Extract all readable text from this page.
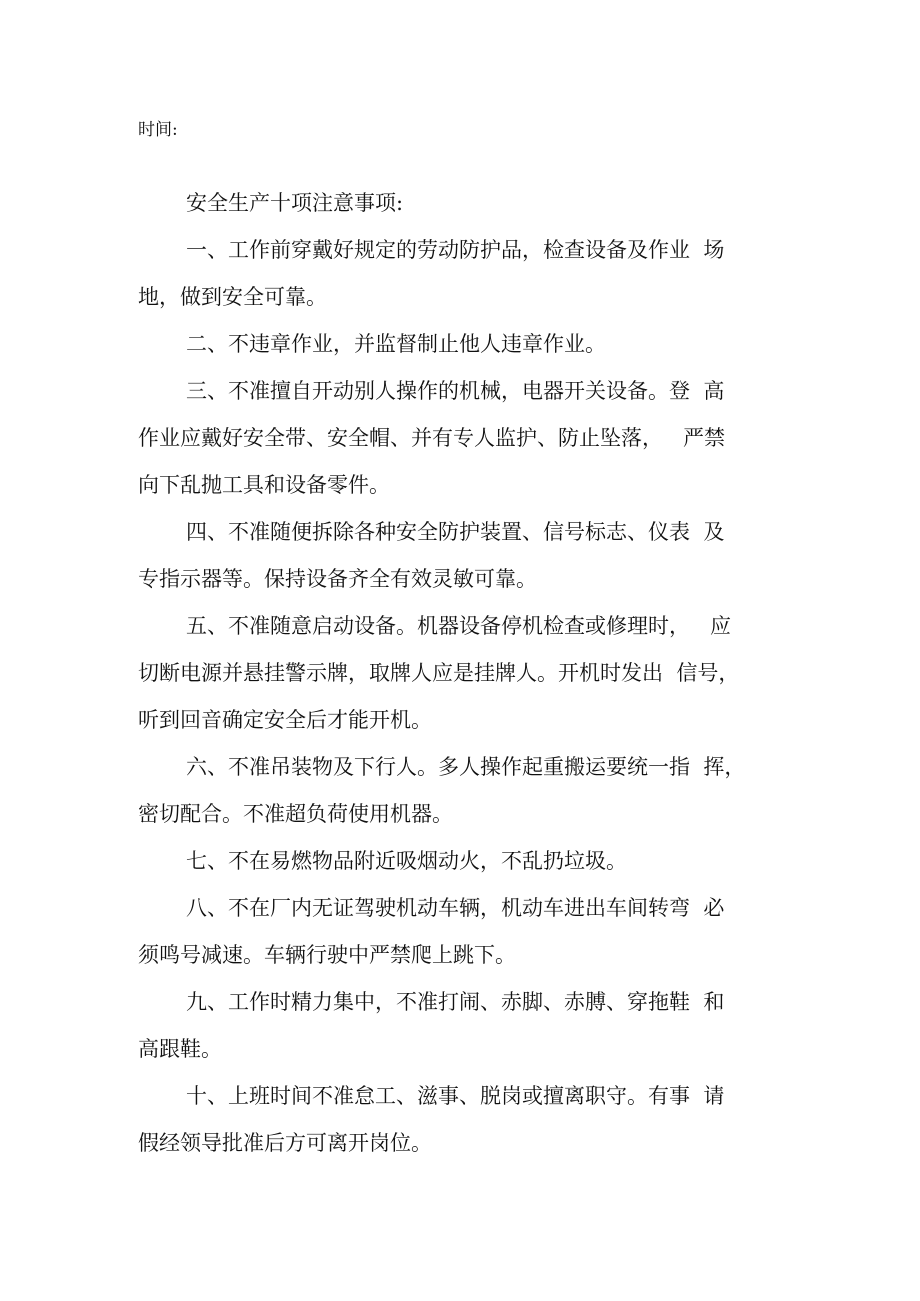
时间:

安全生产十项注意事项:

一、工作前穿戴好规定的劳动防护品，检查设备及作业  场
地，做到安全可靠。

二、不违章作业，并监督制止他人违章作业。

三、不准擅自开动别人操作的机械，电器开关设备。登  高
作业应戴好安全带、安全帽、并有专人监护、防止坠落，   严禁
向下乱抛工具和设备零件。

四、不准随便拆除各种安全防护装置、信号标志、仪表  及
专指示器等。保持设备齐全有效灵敏可靠。

五、不准随意启动设备。机器设备停机检查或修理时，   应
切断电源并悬挂警示牌，取牌人应是挂牌人。开机时发出  信号，
听到回音确定安全后才能开机。

六、不准吊装物及下行人。多人操作起重搬运要统一指  挥，
密切配合。不准超负荷使用机器。

七、不在易燃物品附近吸烟动火，不乱扔垃圾。

八、不在厂内无证驾驶机动车辆，机动车进出车间转弯  必
须鸣号减速。车辆行驶中严禁爬上跳下。

九、工作时精力集中，不准打闹、赤脚、赤膊、穿拖鞋  和
高跟鞋。

十、上班时间不准怠工、滋事、脱岗或擅离职守。有事  请
假经领导批准后方可离开岗位。
